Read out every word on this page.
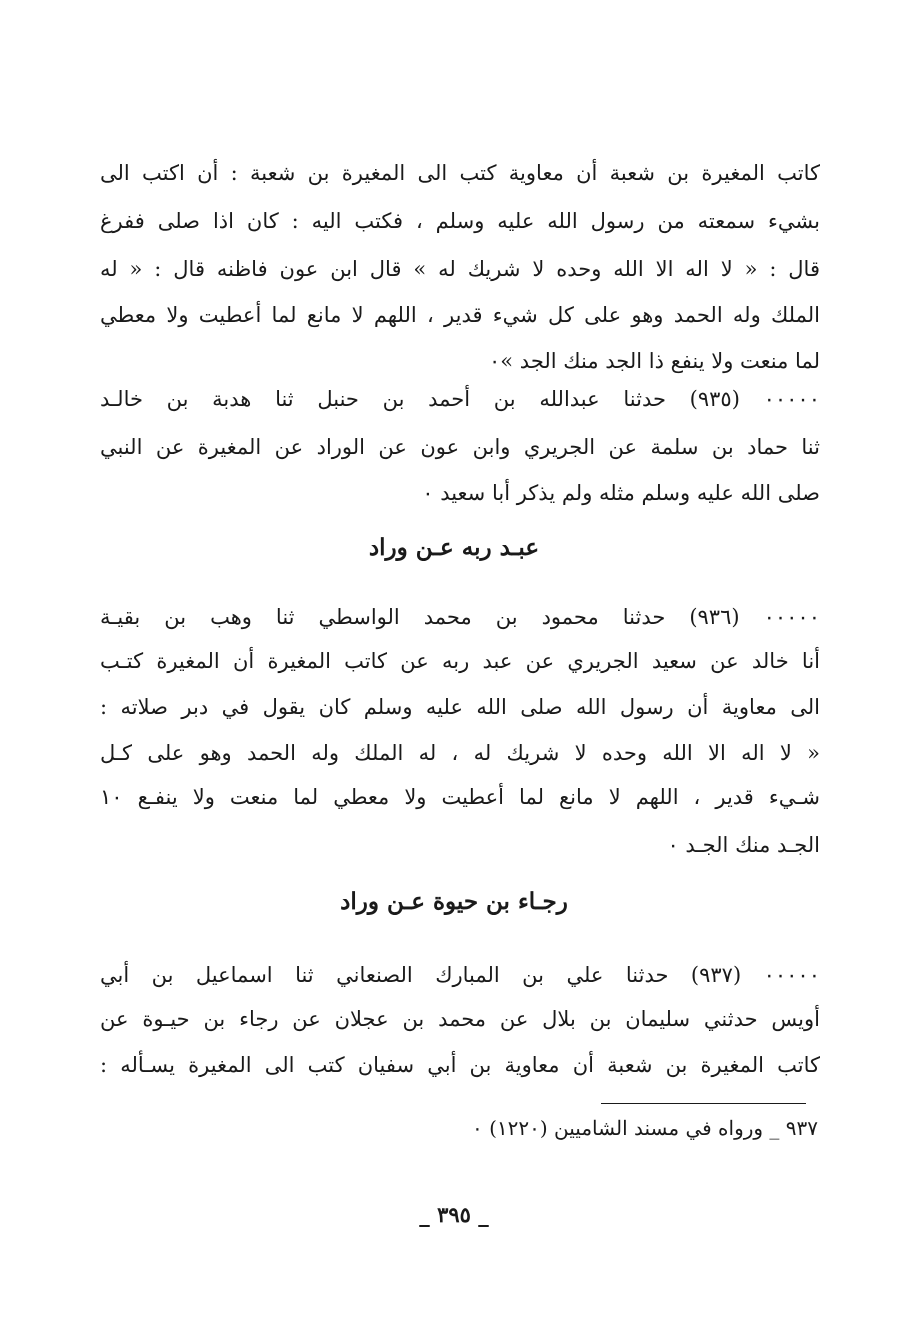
كاتب المغيرة بن شعبة أن معاوية كتب الى المغيرة بن شعبة : أن اكتب الى
بشيء سمعته من رسول الله عليه وسلم ، فكتب اليه : كان اذا صلى ففرغ
قال : « لا اله الا الله وحده لا شريك له » قال ابن عون فاظنه قال : « له
الملك وله الحمد وهو على كل شيء قدير ، اللهم لا مانع لما أعطيت ولا معطي
لما منعت ولا ينفع ذا الجد منك الجد »٠
٠٠٠٠٠ (٩٣٥) حدثنا عبدالله بن أحمد بن حنبل ثنا هدبة بن خالـد
ثنا حماد بن سلمة عن الجريري وابن عون عن الوراد عن المغيرة عن النبي
صلى الله عليه وسلم مثله ولم يذكر أبا سعيد ٠
عبـد ربه عـن وراد
٠٠٠٠٠ (٩٣٦) حدثنا محمود بن محمد الواسطي ثنا وهب بن بقيـة
أنا خالد عن سعيد الجريري عن عبد ربه عن كاتب المغيرة أن المغيرة كتـب
الى معاوية أن رسول الله صلى الله عليه وسلم كان يقول في دبر صلاته :
« لا اله الا الله وحده لا شريك له ، له الملك وله الحمد وهو على كـل
شـيء قدير ، اللهم لا مانع لما أعطيت ولا معطي لما منعت ولا ينفـع ١٠
الجـد منك الجـد ٠
رجـاء بن حيوة عـن وراد
٠٠٠٠٠ (٩٣٧) حدثنا علي بن المبارك الصنعاني ثنا اسماعيل بن أبي
أويس حدثني سليمان بن بلال عن محمد بن عجلان عن رجاء بن حيـوة عن
كاتب المغيرة بن شعبة أن معاوية بن أبي سفيان كتب الى المغيرة يسـأله :
٩٣٧ _ ورواه في مسند الشاميين (١٢٢٠) ٠
_ ٣٩٥ _
